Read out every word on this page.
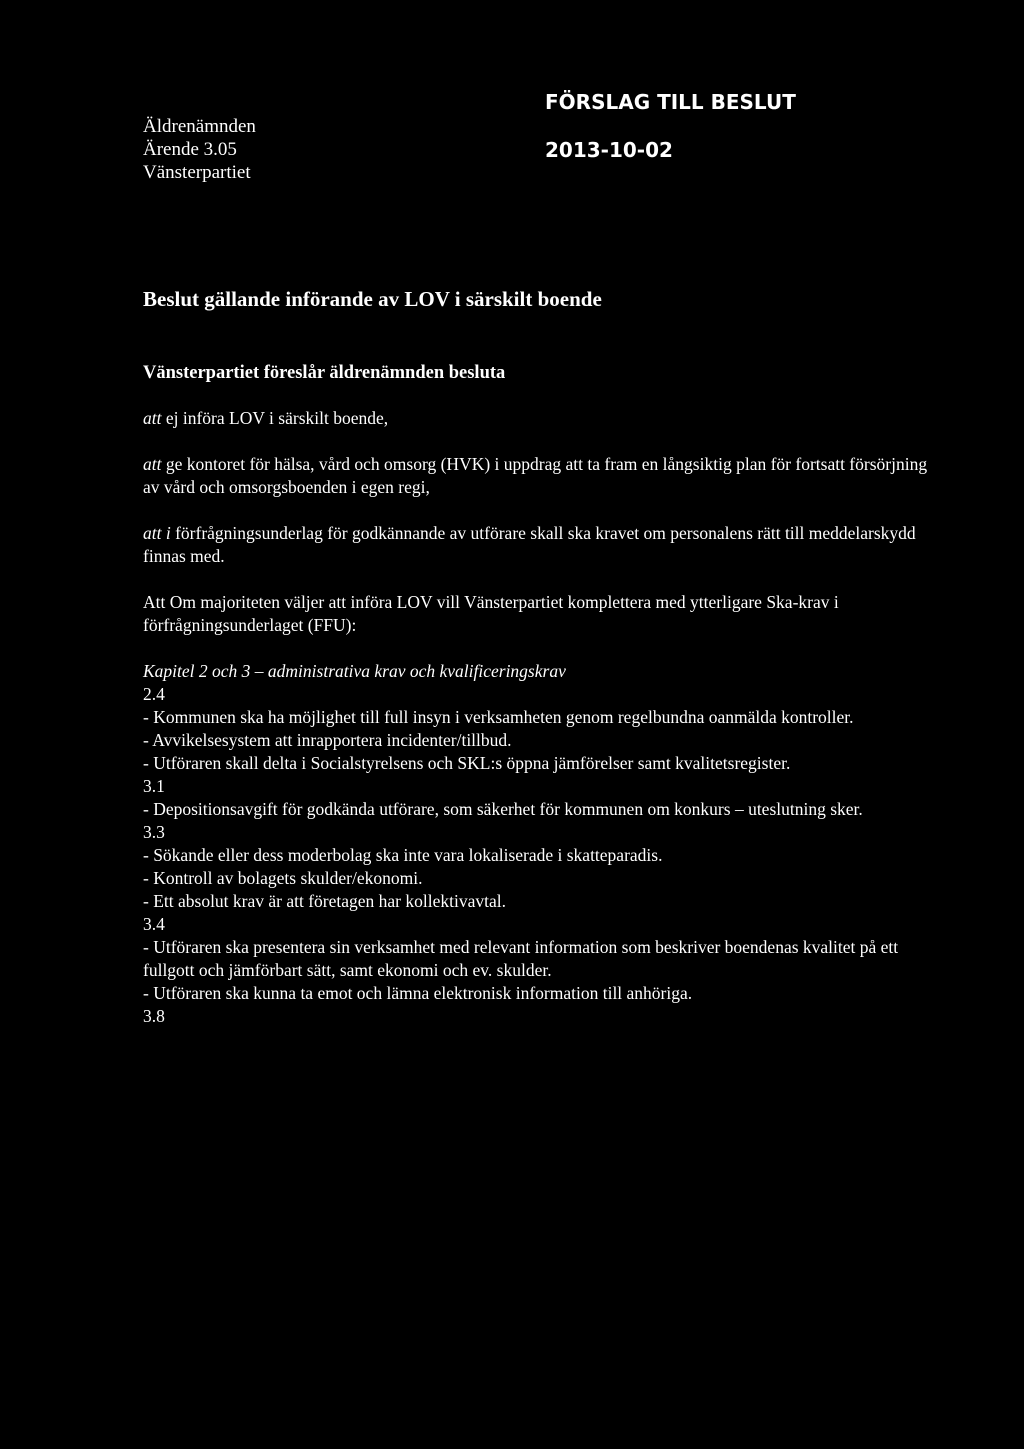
Äldrenämnden
Ärende 3.05
Vänsterpartiet
FÖRSLAG TILL BESLUT
2013-10-02
Beslut gällande införande av LOV i särskilt boende

Vänsterpartiet föreslår äldrenämnden besluta

att ej införa LOV i särskilt boende,

att ge kontoret för hälsa, vård och omsorg (HVK) i uppdrag att ta fram en långsiktig plan för fortsatt försörjning av vård och omsorgsboenden i egen regi,

att i förfrågningsunderlag för godkännande av utförare skall ska kravet om personalens rätt till meddelarskydd finnas med.

Att Om majoriteten väljer att införa LOV vill Vänsterpartiet komplettera med ytterligare Ska-krav i förfrågningsunderlaget (FFU):

Kapitel 2 och 3 – administrativa krav och kvalificeringskrav

2.4

- Kommunen ska ha möjlighet till full insyn i verksamheten genom regelbundna oanmälda kontroller.

- Avvikelsesystem att inrapportera incidenter/tillbud.

- Utföraren skall delta i Socialstyrelsens och SKL:s öppna jämförelser samt kvalitetsregister.

3.1

- Depositionsavgift för godkända utförare, som säkerhet för kommunen om konkurs – uteslutning sker.

3.3

- Sökande eller dess moderbolag ska inte vara lokaliserade i skatteparadis.

- Kontroll av bolagets skulder/ekonomi.

- Ett absolut krav är att företagen har kollektivavtal.

3.4

- Utföraren ska presentera sin verksamhet med relevant information som beskriver boendenas kvalitet på ett fullgott och jämförbart sätt, samt ekonomi och ev. skulder.

- Utföraren ska kunna ta emot och lämna elektronisk information till anhöriga.

3.8
